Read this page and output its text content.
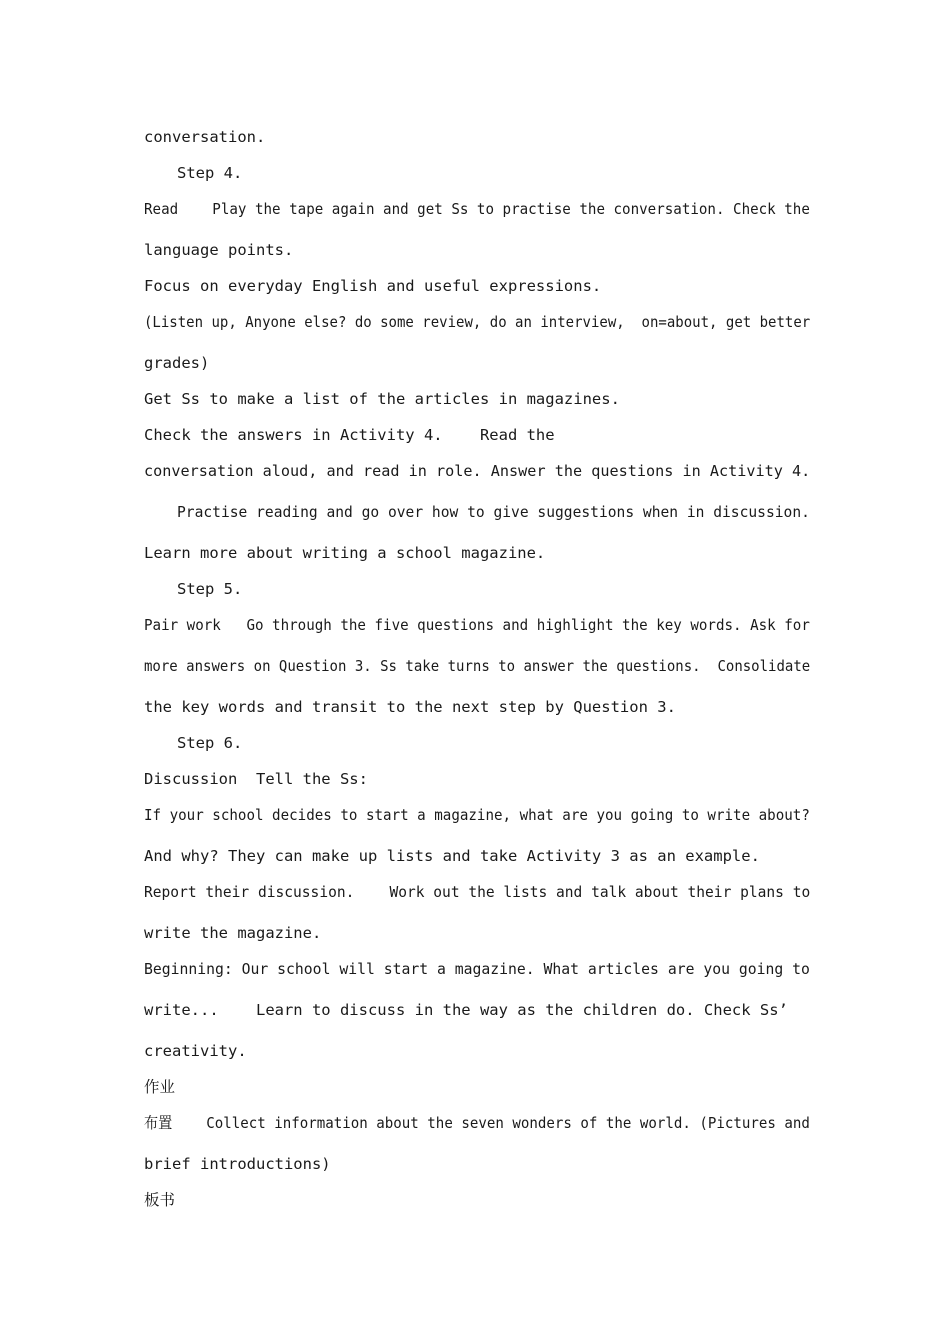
conversation.
Step 4.
Read    Play the tape again and get Ss to practise the conversation. Check the
language points.
Focus on everyday English and useful expressions.
(Listen up, Anyone else? do some review, do an interview,  on=about, get better
grades)
Get Ss to make a list of the articles in magazines.
Check the answers in Activity 4.    Read the
conversation aloud, and read in role. Answer the questions in Activity 4.
Practise reading and go over how to give suggestions when in discussion.
Learn more about writing a school magazine.
Step 5.
Pair work   Go through the five questions and highlight the key words. Ask for
more answers on Question 3. Ss take turns to answer the questions.  Consolidate
the key words and transit to the next step by Question 3.
Step 6.
Discussion  Tell the Ss:
If your school decides to start a magazine, what are you going to write about?
And why? They can make up lists and take Activity 3 as an example.
Report their discussion.    Work out the lists and talk about their plans to
write the magazine.
Beginning: Our school will start a magazine. What articles are you going to
write...    Learn to discuss in the way as the children do. Check Ss’
creativity.
作业
布置    Collect information about the seven wonders of the world. (Pictures and
brief introductions)
板书
